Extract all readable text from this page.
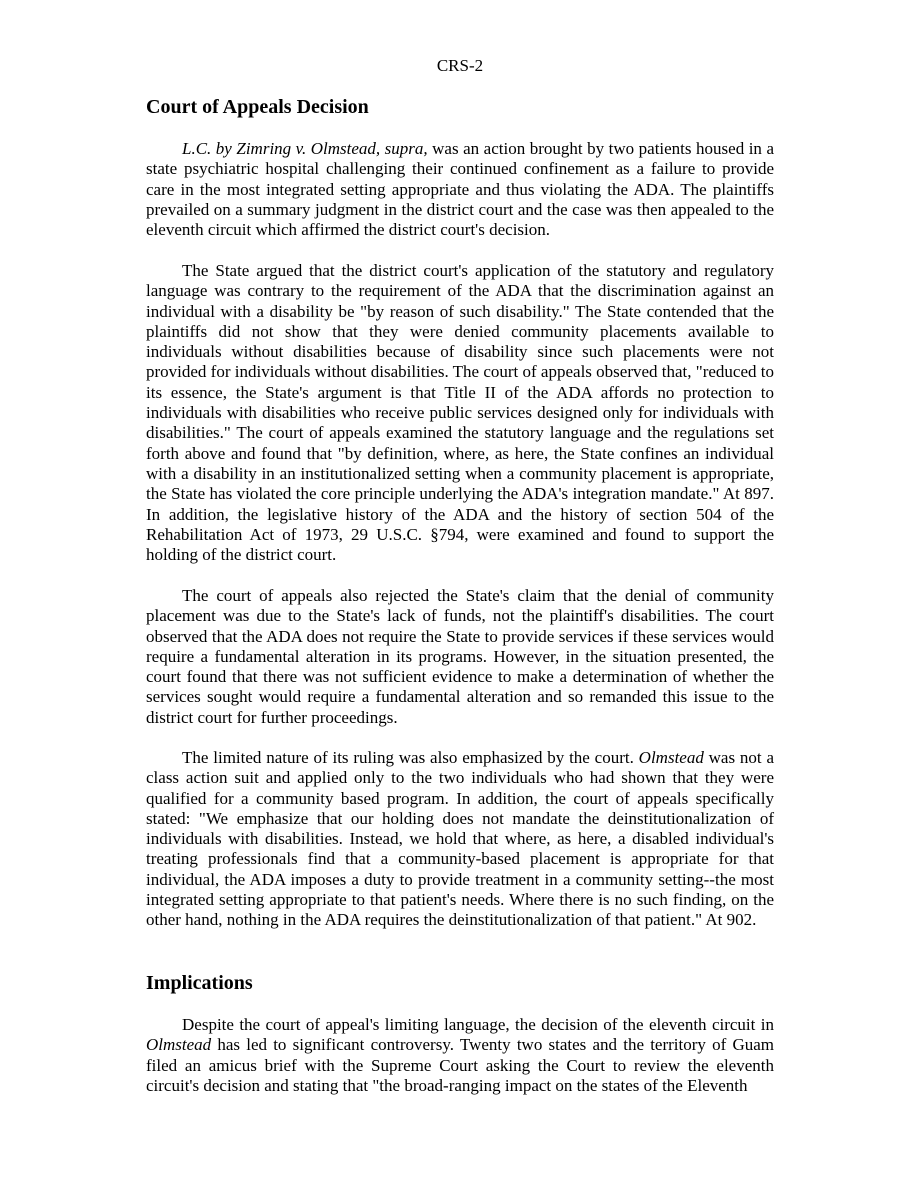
CRS-2
Court of Appeals Decision

L.C. by Zimring v. Olmstead, supra, was an action brought by two patients housed in a state psychiatric hospital challenging their continued confinement as a failure to provide care in the most integrated setting appropriate and thus violating the ADA. The plaintiffs prevailed on a summary judgment in the district court and the case was then appealed to the eleventh circuit which affirmed the district court's decision.

The State argued that the district court's application of the statutory and regulatory language was contrary to the requirement of the ADA that the discrimination against an individual with a disability be "by reason of such disability." The State contended that the plaintiffs did not show that they were denied community placements available to individuals without disabilities because of disability since such placements were not provided for individuals without disabilities. The court of appeals observed that, "reduced to its essence, the State's argument is that Title II of the ADA affords no protection to individuals with disabilities who receive public services designed only for individuals with disabilities." The court of appeals examined the statutory language and the regulations set forth above and found that "by definition, where, as here, the State confines an individual with a disability in an institutionalized setting when a community placement is appropriate, the State has violated the core principle underlying the ADA's integration mandate." At 897. In addition, the legislative history of the ADA and the history of section 504 of the Rehabilitation Act of 1973, 29 U.S.C. §794, were examined and found to support the holding of the district court.

The court of appeals also rejected the State's claim that the denial of community placement was due to the State's lack of funds, not the plaintiff's disabilities. The court observed that the ADA does not require the State to provide services if these services would require a fundamental alteration in its programs. However, in the situation presented, the court found that there was not sufficient evidence to make a determination of whether the services sought would require a fundamental alteration and so remanded this issue to the district court for further proceedings.

The limited nature of its ruling was also emphasized by the court. Olmstead was not a class action suit and applied only to the two individuals who had shown that they were qualified for a community based program. In addition, the court of appeals specifically stated: "We emphasize that our holding does not mandate the deinstitutionalization of individuals with disabilities. Instead, we hold that where, as here, a disabled individual's treating professionals find that a community-based placement is appropriate for that individual, the ADA imposes a duty to provide treatment in a community setting--the most integrated setting appropriate to that patient's needs. Where there is no such finding, on the other hand, nothing in the ADA requires the deinstitutionalization of that patient." At 902.

Implications

Despite the court of appeal's limiting language, the decision of the eleventh circuit in Olmstead has led to significant controversy. Twenty two states and the territory of Guam filed an amicus brief with the Supreme Court asking the Court to review the eleventh circuit's decision and stating that "the broad-ranging impact on the states of the Eleventh
